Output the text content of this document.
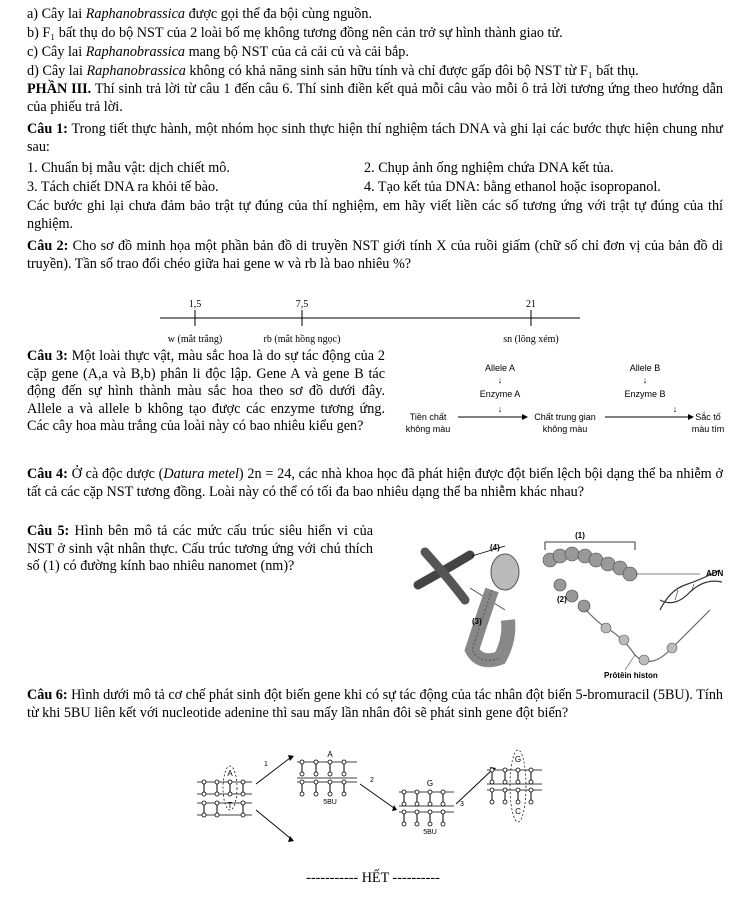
a) Cây lai Raphanobrassica được gọi thể đa bội cùng nguồn.
b) F₁ bất thụ do bộ NST của 2 loài bố mẹ không tương đồng nên cản trở sự hình thành giao tử.
c) Cây lai Raphanobrassica mang bộ NST của cả cải củ và cải bắp.
d) Cây lai Raphanobrassica không có khả năng sinh sản hữu tính và chỉ được gấp đôi bộ NST từ F₁ bất thụ.
PHẦN III. Thí sinh trả lời từ câu 1 đến câu 6. Thí sinh điền kết quả mỗi câu vào mỗi ô trả lời tương ứng theo hướng dẫn của phiếu trả lời.
Câu 1: Trong tiết thực hành, một nhóm học sinh thực hiện thí nghiệm tách DNA và ghi lại các bước thực hiện chung như sau:
1. Chuẩn bị mẫu vật: dịch chiết mô.	2. Chụp ảnh ống nghiệm chứa DNA kết tủa.
3. Tách chiết DNA ra khỏi tế bào.	4. Tạo kết tủa DNA: bằng ethanol hoặc isopropanol.
Các bước ghi lại chưa đảm bảo trật tự đúng của thí nghiệm, em hãy viết liền các số tương ứng với trật tự đúng của thí nghiệm.
Câu 2: Cho sơ đồ minh họa một phần bản đồ di truyền NST giới tính X của ruồi giấm (chữ số chỉ đơn vị của bản đồ di truyền). Tần số trao đổi chéo giữa hai gene w và rb là bao nhiêu %?
1,5	7,5	21
w (mắt trắng)	rb (mắt hồng ngọc)	sn (lông xém)
Câu 3: Một loài thực vật, màu sắc hoa là do sự tác động của 2 cặp gene (A,a và B,b) phân li độc lập. Gene A và gene B tác động đến sự hình thành màu sắc hoa theo sơ đồ dưới đây. Allele a và allele b không tạo được các enzyme tương ứng. Các cây hoa màu trắng của loài này có bao nhiêu kiểu gen?
Allele A
↓
Enzyme A
Allele B
↓
Enzyme B
↓	↓
Tiền chất
không màu
Chất trung gian
không màu
Sắc tố
màu tím
Câu 4: Ở cà độc dược (Datura metel) 2n = 24, các nhà khoa học đã phát hiện được đột biến lệch bội dạng thể ba nhiễm ở tất cả các cặp NST tương đồng. Loài này có thể có tối đa bao nhiêu dạng thể ba nhiễm khác nhau?
Câu 5: Hình bên mô tả các mức cấu trúc siêu hiển vi của NST ở sinh vật nhân thực. Cấu trúc tương ứng với chú thích số (1) có đường kính bao nhiêu nanomet (nm)?
(1)
(2)
(3)
(4)
ADN
Prôtêin histon
Câu 6: Hình dưới mô tả cơ chế phát sinh đột biến gene khi có sự tác động của tác nhân đột biến 5-bromuracil (5BU). Tính từ khi 5BU liên kết với nucleotide adenine thì sau mấy lần nhân đôi sẽ phát sinh gene đột biến?
A
T
1
A
5BU
2	G
5BU
3
G
C
----------- HẾT ----------
